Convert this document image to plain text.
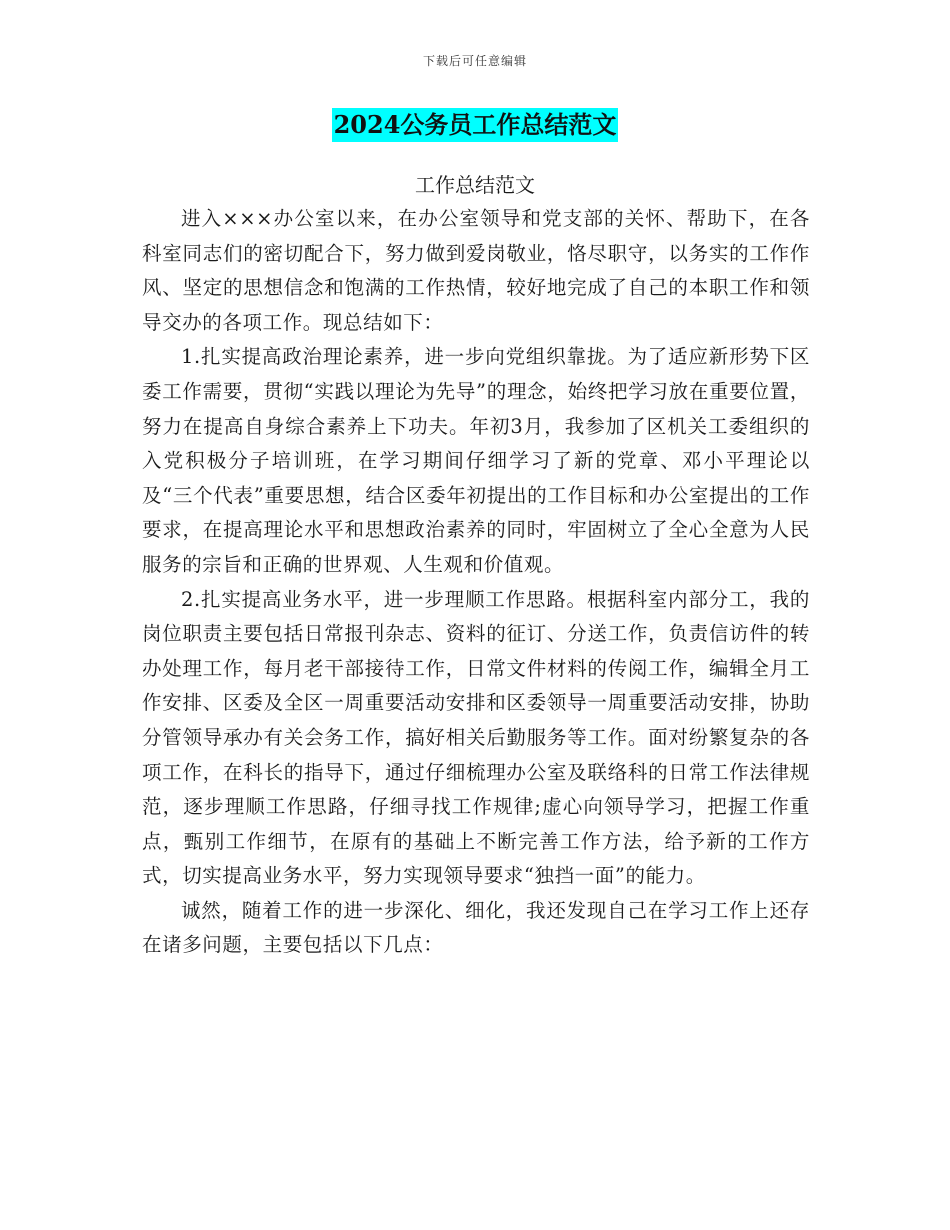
下载后可任意编辑
2024公务员工作总结范文
工作总结范文

进入×××办公室以来，在办公室领导和党支部的关怀、帮助下，在各科室同志们的密切配合下，努力做到爱岗敬业，恪尽职守，以务实的工作作风、坚定的思想信念和饱满的工作热情，较好地完成了自己的本职工作和领导交办的各项工作。现总结如下：

1.扎实提高政治理论素养，进一步向党组织靠拢。为了适应新形势下区委工作需要，贯彻“实践以理论为先导”的理念，始终把学习放在重要位置，努力在提高自身综合素养上下功夫。年初3月，我参加了区机关工委组织的入党积极分子培训班，在学习期间仔细学习了新的党章、邓小平理论以及“三个代表”重要思想，结合区委年初提出的工作目标和办公室提出的工作要求，在提高理论水平和思想政治素养的同时，牢固树立了全心全意为人民服务的宗旨和正确的世界观、人生观和价值观。

2.扎实提高业务水平，进一步理顺工作思路。根据科室内部分工，我的岗位职责主要包括日常报刊杂志、资料的征订、分送工作，负责信访件的转办处理工作，每月老干部接待工作，日常文件材料的传阅工作，编辑全月工作安排、区委及全区一周重要活动安排和区委领导一周重要活动安排，协助分管领导承办有关会务工作，搞好相关后勤服务等工作。面对纷繁复杂的各项工作，在科长的指导下，通过仔细梳理办公室及联络科的日常工作法律规范，逐步理顺工作思路，仔细寻找工作规律;虚心向领导学习，把握工作重点，甄别工作细节，在原有的基础上不断完善工作方法，给予新的工作方式，切实提高业务水平，努力实现领导要求“独挡一面”的能力。

诚然，随着工作的进一步深化、细化，我还发现自己在学习工作上还存在诸多问题，主要包括以下几点：
